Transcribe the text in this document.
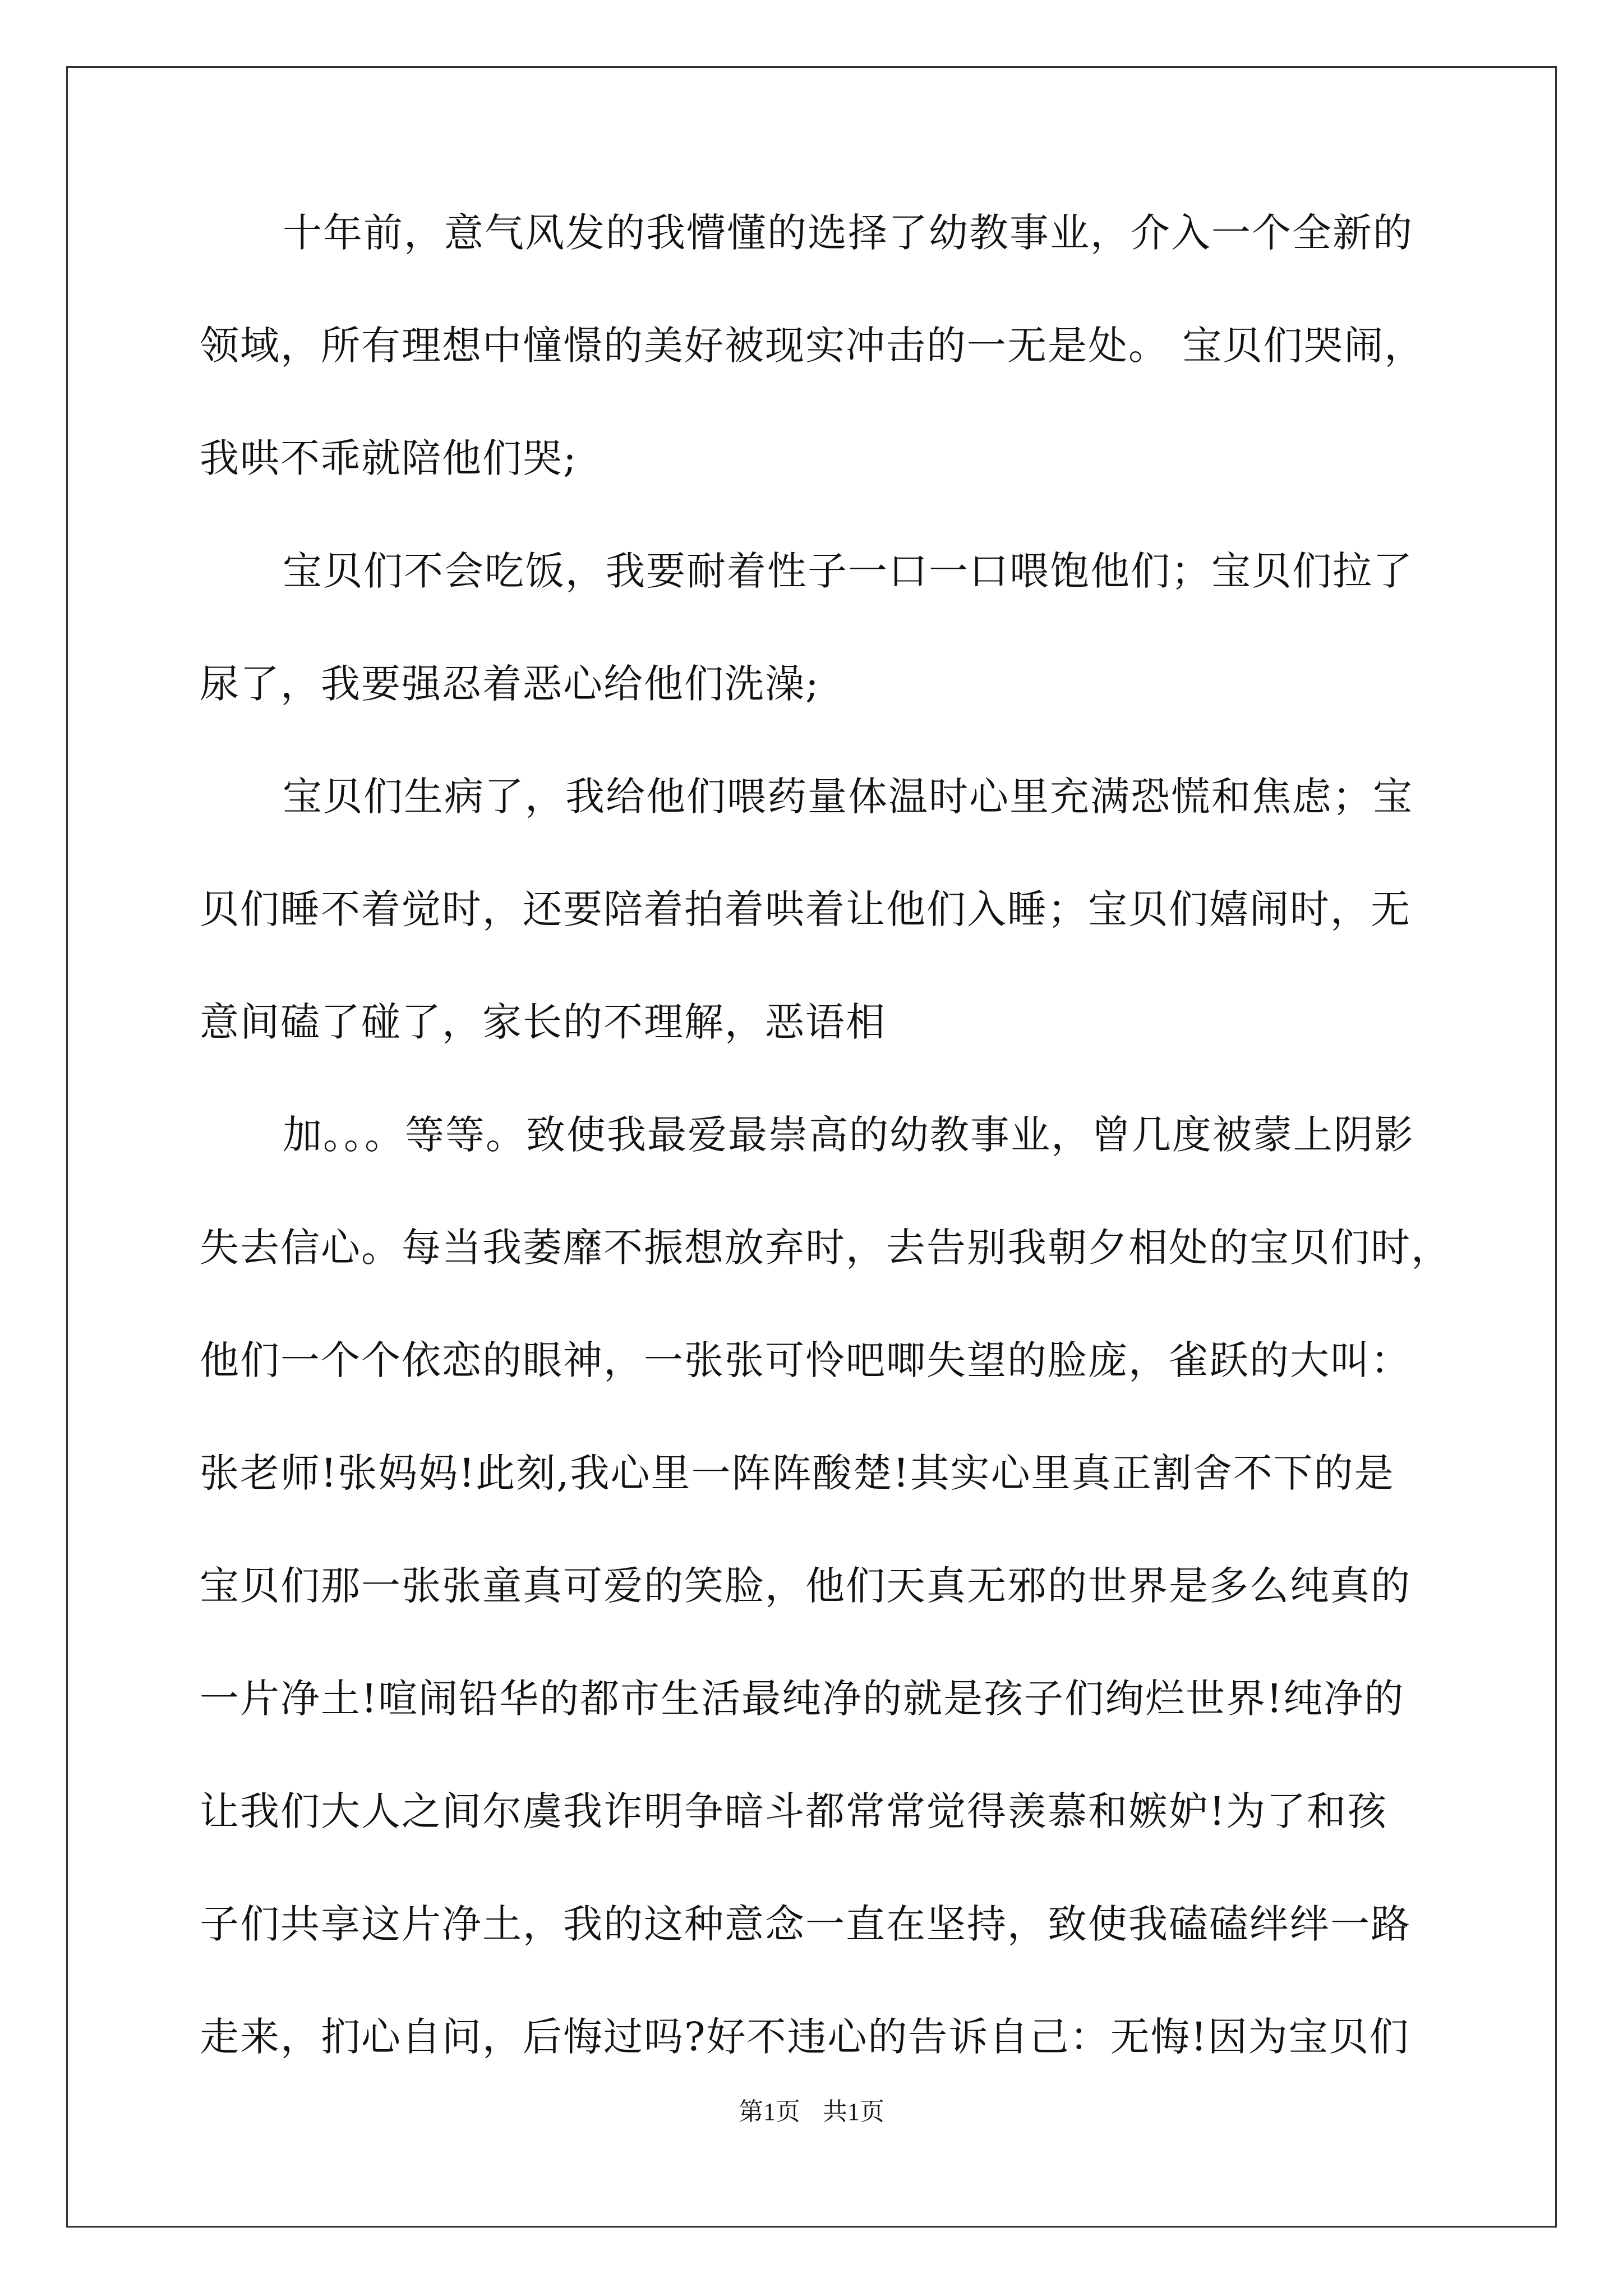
十年前，意气风发的我懵懂的选择了幼教事业，介入一个全新的
领域，所有理想中憧憬的美好被现实冲击的一无是处。 宝贝们哭闹，
我哄不乖就陪他们哭;
宝贝们不会吃饭，我要耐着性子一口一口喂饱他们；宝贝们拉了
尿了，我要强忍着恶心给他们洗澡;
宝贝们生病了，我给他们喂药量体温时心里充满恐慌和焦虑；宝
贝们睡不着觉时，还要陪着拍着哄着让他们入睡；宝贝们嬉闹时，无
意间磕了碰了，家长的不理解，恶语相
加。。。等等。致使我最爱最崇高的幼教事业，曾几度被蒙上阴影
失去信心。每当我萎靡不振想放弃时，去告别我朝夕相处的宝贝们时，
他们一个个依恋的眼神，一张张可怜吧唧失望的脸庞，雀跃的大叫：
张老师!张妈妈!此刻,我心里一阵阵酸楚!其实心里真正割舍不下的是
宝贝们那一张张童真可爱的笑脸，他们天真无邪的世界是多么纯真的
一片净土!喧闹铅华的都市生活最纯净的就是孩子们绚烂世界!纯净的
让我们大人之间尔虞我诈明争暗斗都常常觉得羡慕和嫉妒!为了和孩
子们共享这片净土，我的这种意念一直在坚持，致使我磕磕绊绊一路
走来，扪心自问，后悔过吗?好不违心的告诉自己：无悔!因为宝贝们
第1页 共1页
